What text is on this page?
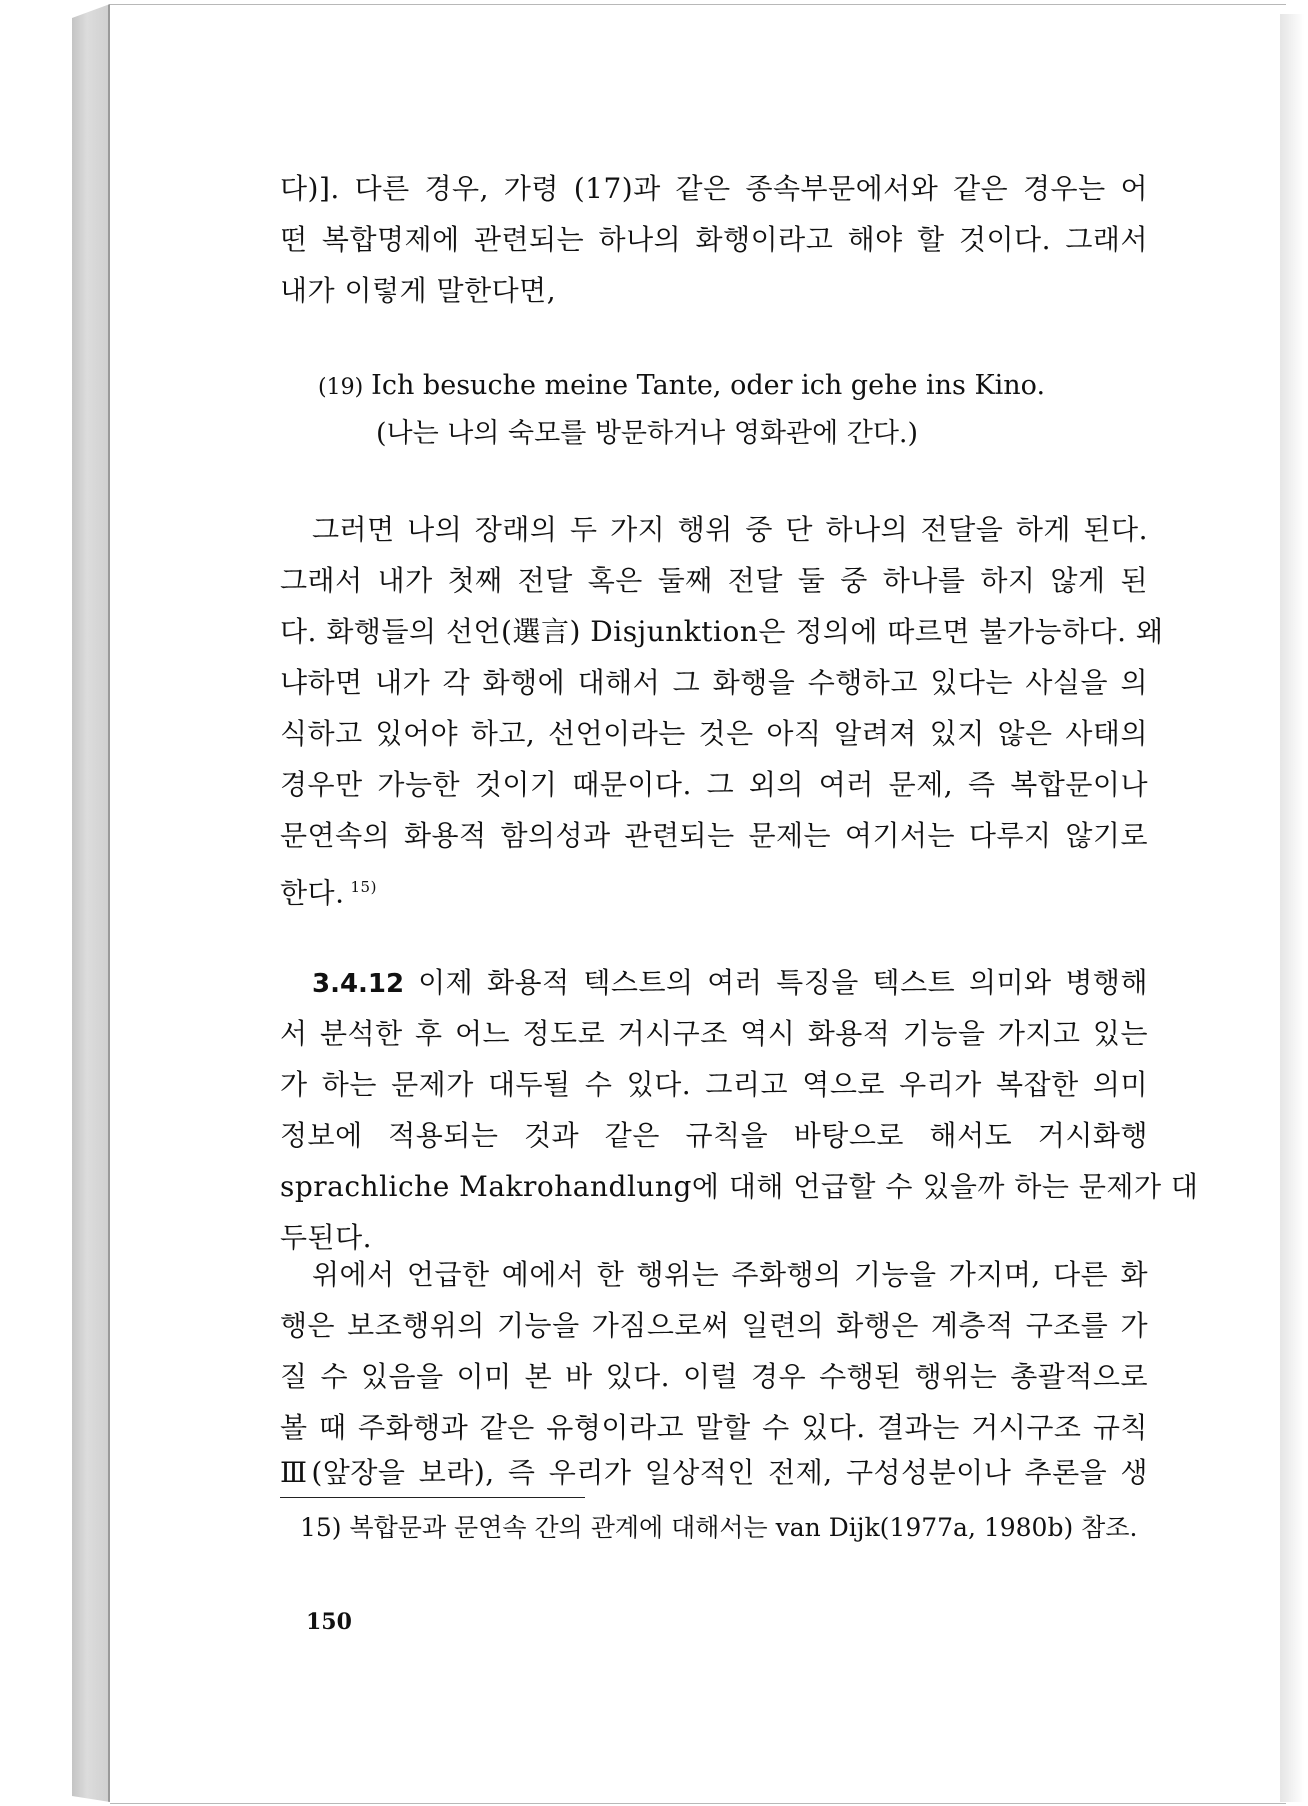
다)]. 다른 경우, 가령 (17)과 같은 종속부문에서와 같은 경우는 어
떤 복합명제에 관련되는 하나의 화행이라고 해야 할 것이다. 그래서
내가 이렇게 말한다면,
(19) Ich besuche meine Tante, oder ich gehe ins Kino.
(나는 나의 숙모를 방문하거나 영화관에 간다.)
그러면 나의 장래의 두 가지 행위 중 단 하나의 전달을 하게 된다.
그래서 내가 첫째 전달 혹은 둘째 전달 둘 중 하나를 하지 않게 된
다. 화행들의 선언(選言) Disjunktion은 정의에 따르면 불가능하다. 왜
냐하면 내가 각 화행에 대해서 그 화행을 수행하고 있다는 사실을 의
식하고 있어야 하고, 선언이라는 것은 아직 알려져 있지 않은 사태의
경우만 가능한 것이기 때문이다. 그 외의 여러 문제, 즉 복합문이나
문연속의 화용적 함의성과 관련되는 문제는 여기서는 다루지 않기로
한다. $^{15)}$
3.4.12 이제 화용적 텍스트의 여러 특징을 텍스트 의미와 병행해
서 분석한 후 어느 정도로 거시구조 역시 화용적 기능을 가지고 있는
가 하는 문제가 대두될 수 있다. 그리고 역으로 우리가 복잡한 의미
정보에 적용되는 것과 같은 규칙을 바탕으로 해서도 거시화행
sprachliche Makrohandlung에 대해 언급할 수 있을까 하는 문제가 대
두된다.
위에서 언급한 예에서 한 행위는 주화행의 기능을 가지며, 다른 화
행은 보조행위의 기능을 가짐으로써 일련의 화행은 계층적 구조를 가
질 수 있음을 이미 본 바 있다. 이럴 경우 수행된 행위는 총괄적으로
볼 때 주화행과 같은 유형이라고 말할 수 있다. 결과는 거시구조 규칙
Ⅲ(앞장을 보라), 즉 우리가 일상적인 전제, 구성성분이나 추론을 생
15) 복합문과 문연속 간의 관계에 대해서는 van Dijk(1977a, 1980b) 참조.
150
